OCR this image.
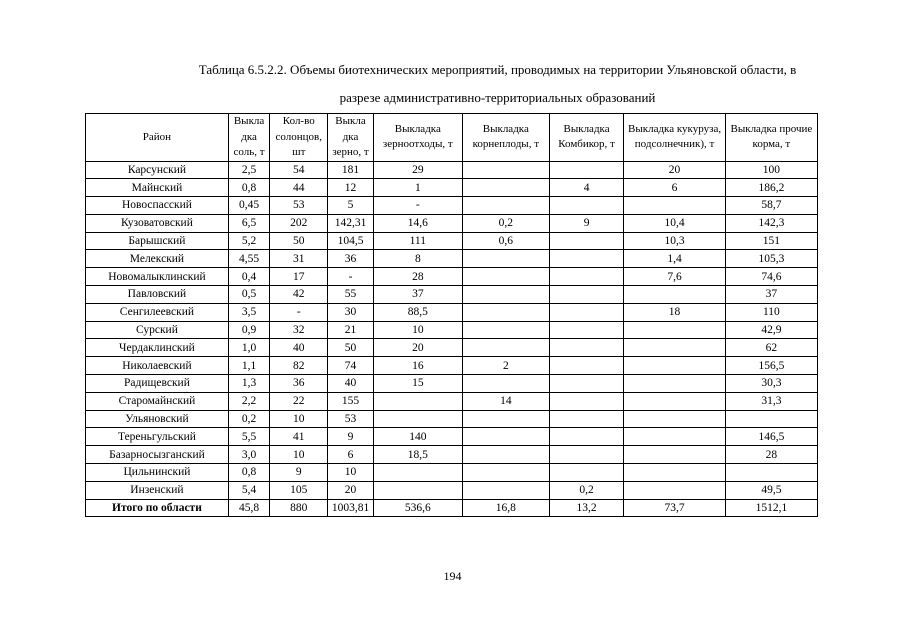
Таблица 6.5.2.2. Объемы биотехнических мероприятий, проводимых на территории Ульяновской области, в
разрезе административно-территориальных образований
Район	Выкла дка соль, т	Кол-во солонцов, шт	Выкла дка зерно, т	Выкладка зерноотходы, т	Выкладка корнеплоды, т	Выкладка Комбикор, т	Выкладка кукуруза, подсолнечник), т	Выкладка прочие корма, т
Карсунский	2,5	54	181	29			20	100
Майнский	0,8	44	12	1		4	6	186,2
Новоспасский	0,45	53	5	-				58,7
Кузоватовский	6,5	202	142,31	14,6	0,2	9	10,4	142,3
Барышский	5,2	50	104,5	111	0,6		10,3	151
Мелекский	4,55	31	36	8			1,4	105,3
Новомалыклинский	0,4	17	-	28			7,6	74,6
Павловский	0,5	42	55	37				37
Сенгилеевский	3,5	-	30	88,5			18	110
Сурский	0,9	32	21	10				42,9
Чердаклинский	1,0	40	50	20				62
Николаевский	1,1	82	74	16	2			156,5
Радищевский	1,3	36	40	15				30,3
Старомайнский	2,2	22	155		14			31,3
Ульяновский	0,2	10	53					
Тереньгульский	5,5	41	9	140				146,5
Базарносызганский	3,0	10	6	18,5				28
Цильнинский	0,8	9	10					
Инзенский	5,4	105	20			0,2		49,5
Итого по области	45,8	880	1003,81	536,6	16,8	13,2	73,7	1512,1
194
